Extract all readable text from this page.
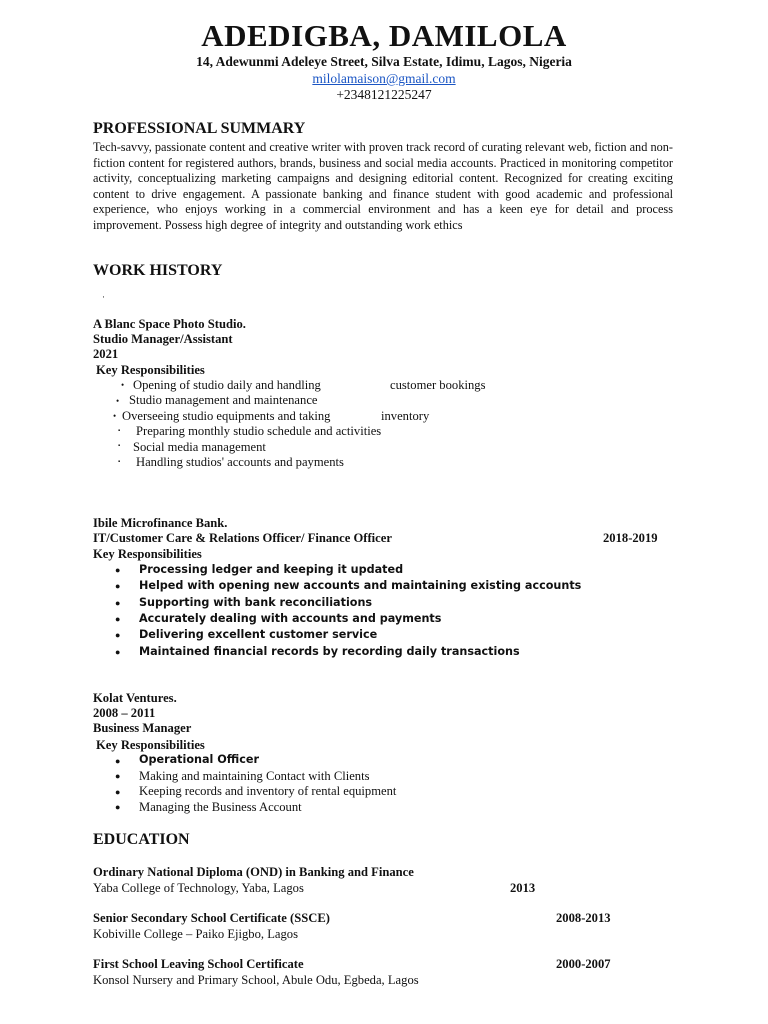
ADEDIGBA, DAMILOLA
14, Adewunmi Adeleye Street, Silva Estate, Idimu, Lagos, Nigeria
milolamaison@gmail.com
+2348121225247
PROFESSIONAL SUMMARY
Tech-savvy, passionate content and creative writer with proven track record of curating relevant web, fiction and non-fiction content for registered authors, brands, business and social media accounts. Practiced in monitoring competitor activity, conceptualizing marketing campaigns and designing editorial content. Recognized for creating exciting content to drive engagement. A passionate banking and finance student with good academic and professional experience, who enjoys working in a commercial environment and has a keen eye for detail and process improvement. Possess high degree of integrity and outstanding work ethics
WORK HISTORY
·
A Blanc Space Photo Studio.
Studio Manager/Assistant
2021
Key Responsibilities
• Opening of studio daily and handling	customer bookings
• Studio management and maintenance
• Overseeing studio equipments and taking	inventory
▪ Preparing monthly studio schedule and activities
▪ Social media management
▪ Handling studios' accounts and payments
Ibile Microfinance Bank.
IT/Customer Care & Relations Officer/ Finance Officer	2018-2019
Key Responsibilities
● Processing ledger and keeping it updated
● Helped with opening new accounts and maintaining existing accounts
● Supporting with bank reconciliations
● Accurately dealing with accounts and payments
● Delivering excellent customer service
● Maintained financial records by recording daily transactions
Kolat Ventures.
2008 – 2011
Business Manager
Key Responsibilities
● Operational Officer
● Making and maintaining Contact with Clients
● Keeping records and inventory of rental equipment
● Managing the Business Account
EDUCATION
Ordinary National Diploma (OND) in Banking and Finance
Yaba College of Technology, Yaba, Lagos	2013
Senior Secondary School Certificate (SSCE)	2008-2013
Kobiville College – Paiko Ejigbo, Lagos
First School Leaving School Certificate	2000-2007
Konsol Nursery and Primary School, Abule Odu, Egbeda, Lagos
